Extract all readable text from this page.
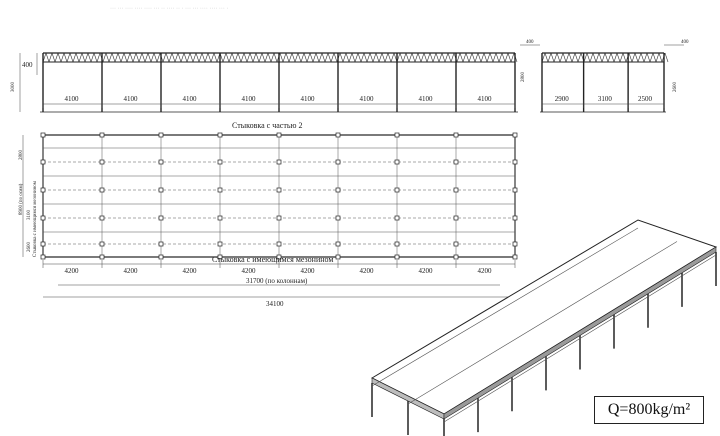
··· ··· ···· ···· ···· ··· ·· ···· ·· · ··· ··· ···· ···· ··· ·
4100	4100	4100	4100	4100	4100	4100	4100
400
3000
2800
2900	3100	2500
400	400
2600
Стыковка с частью 2
Стыковка с имеющимся мезонином
Стыковка с имеющимся мезонином
2800
8900 (по осям) 3100
2600
4200	4200	4200	4200	4200	4200	4200	4200
31700 (по колоннам)
34100
Q=800kg/m²
